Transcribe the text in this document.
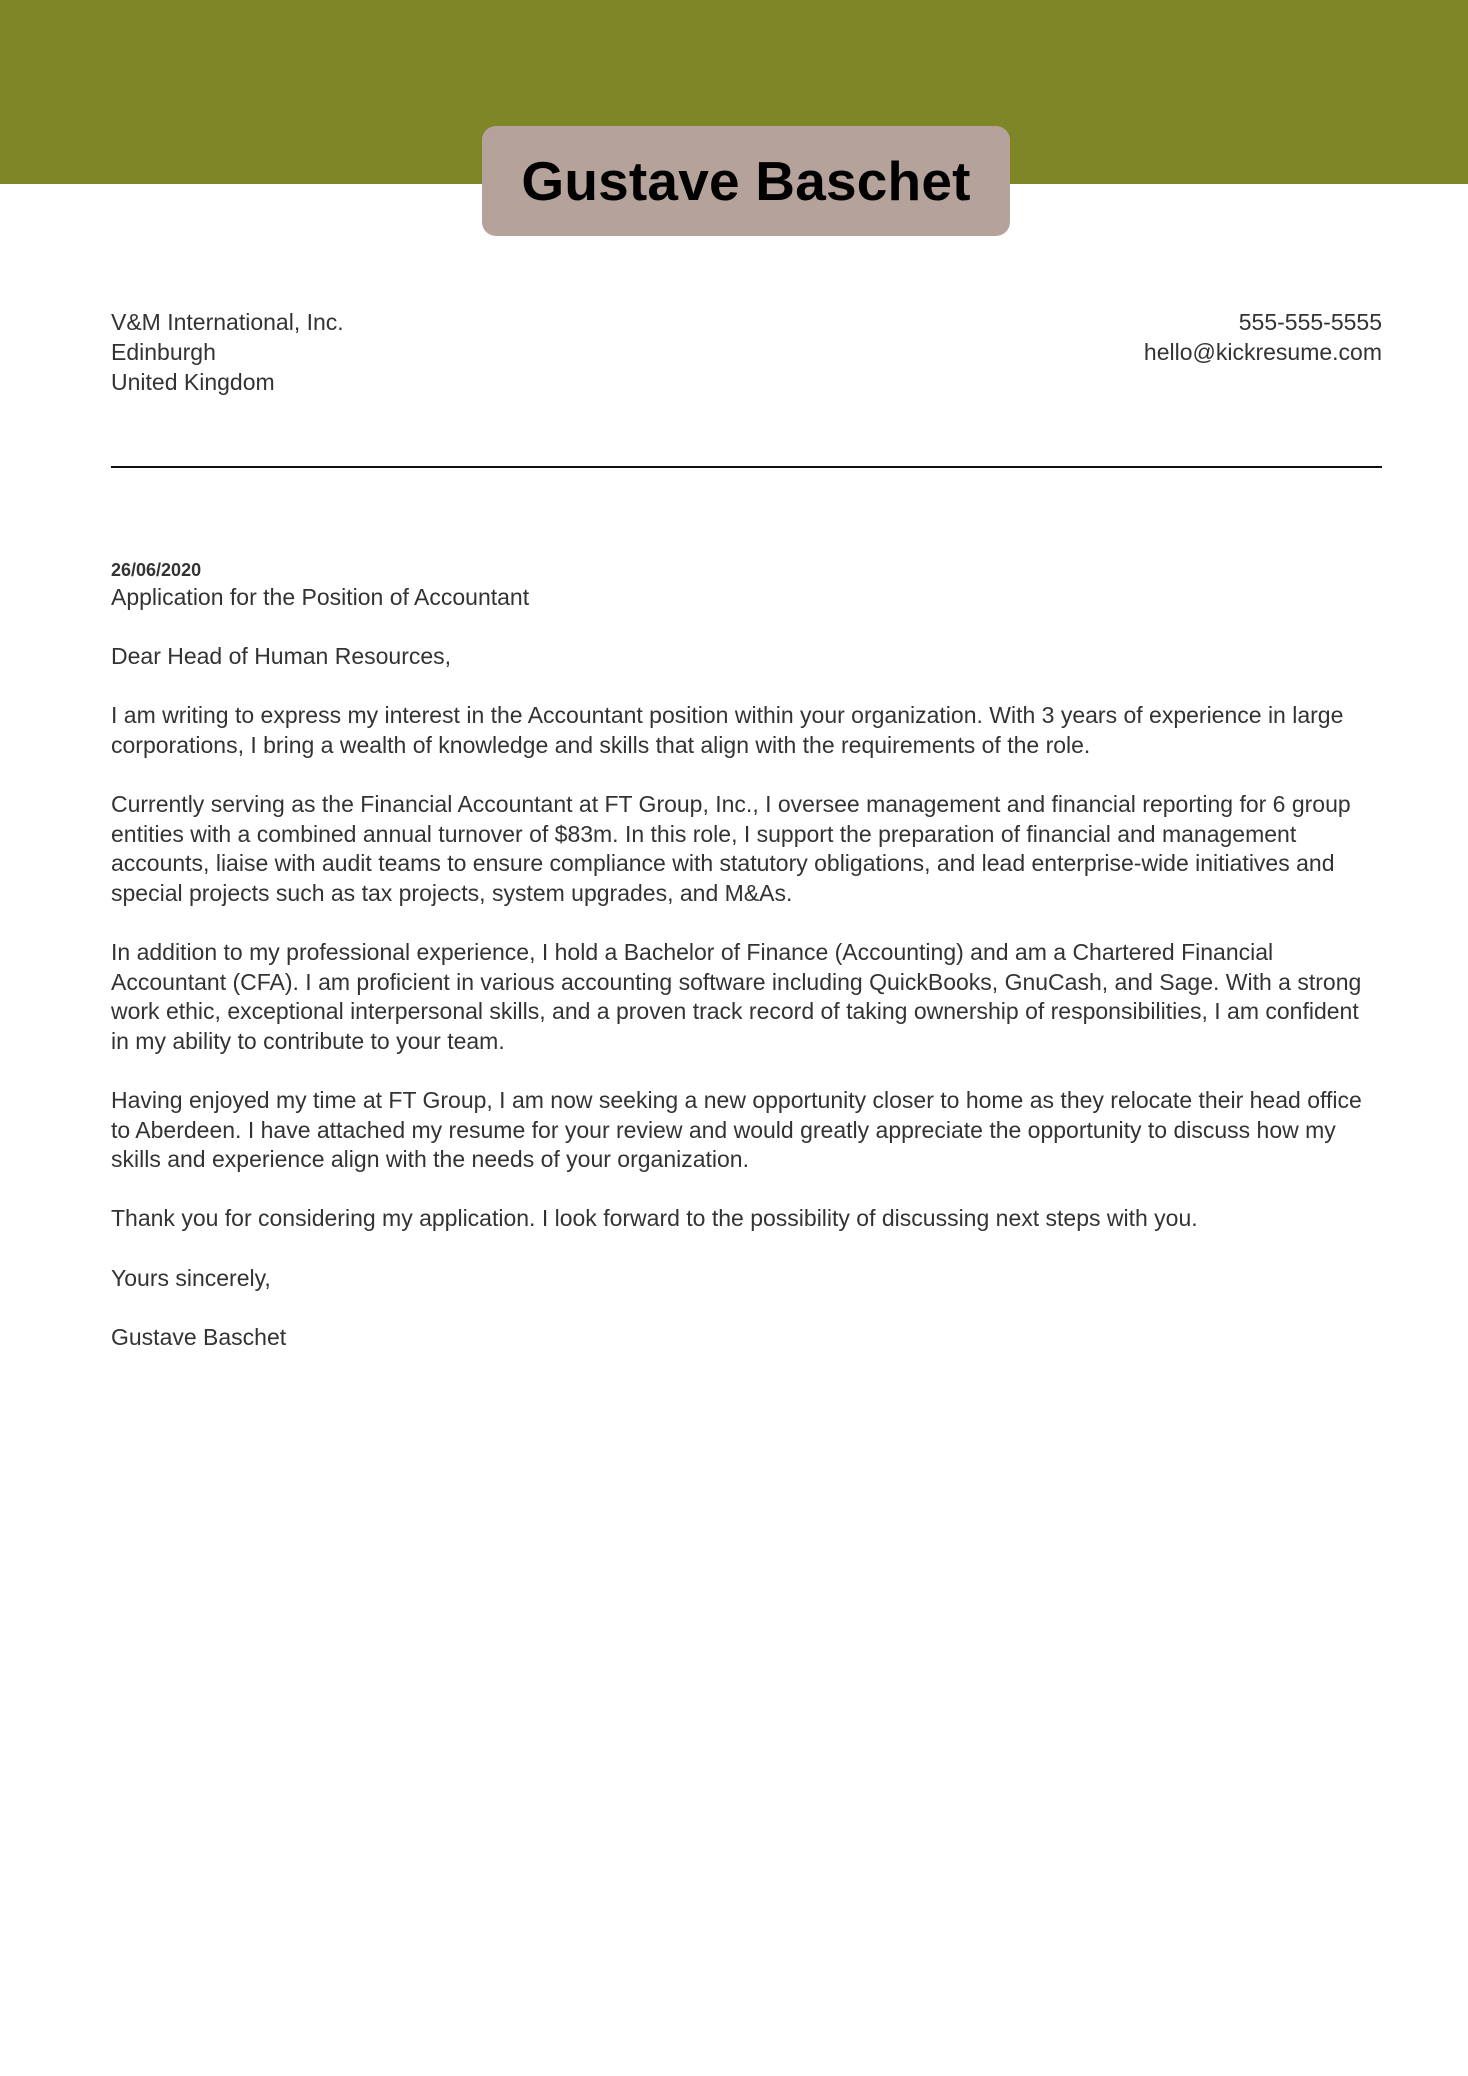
Gustave Baschet
V&M International, Inc.
Edinburgh
United Kingdom
555-555-5555
hello@kickresume.com
26/06/2020
Application for the Position of Accountant

Dear Head of Human Resources,

I am writing to express my interest in the Accountant position within your organization. With 3 years of experience in large corporations, I bring a wealth of knowledge and skills that align with the requirements of the role.

Currently serving as the Financial Accountant at FT Group, Inc., I oversee management and financial reporting for 6 group entities with a combined annual turnover of $83m. In this role, I support the preparation of financial and management accounts, liaise with audit teams to ensure compliance with statutory obligations, and lead enterprise-wide initiatives and special projects such as tax projects, system upgrades, and M&As.

In addition to my professional experience, I hold a Bachelor of Finance (Accounting) and am a Chartered Financial Accountant (CFA). I am proficient in various accounting software including QuickBooks, GnuCash, and Sage. With a strong work ethic, exceptional interpersonal skills, and a proven track record of taking ownership of responsibilities, I am confident in my ability to contribute to your team.

Having enjoyed my time at FT Group, I am now seeking a new opportunity closer to home as they relocate their head office to Aberdeen. I have attached my resume for your review and would greatly appreciate the opportunity to discuss how my skills and experience align with the needs of your organization.

Thank you for considering my application. I look forward to the possibility of discussing next steps with you.

Yours sincerely,

Gustave Baschet
